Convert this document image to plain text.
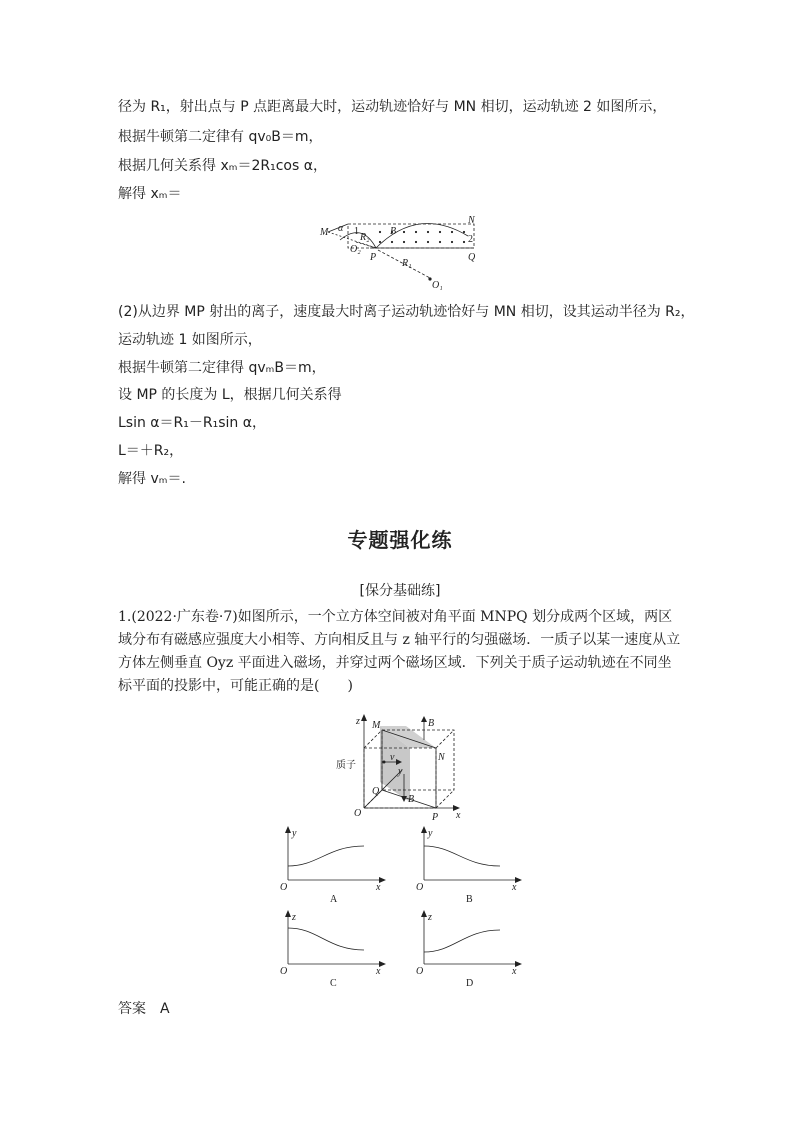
径为 R₁，射出点与 P 点距离最大时，运动轨迹恰好与 MN 相切，运动轨迹 2 如图所示，
根据牛顿第二定律有 qv₀B＝m，
根据几何关系得 xₘ＝2R₁cos α，
解得 xₘ＝
M
N
P	Q
O₁
O₂
R₁
R₂
B
α 1
2
(2)从边界 MP 射出的离子，速度最大时离子运动轨迹恰好与 MN 相切，设其运动半径为 R₂，
运动轨迹 1 如图所示，
根据牛顿第二定律得 qvₘB＝m，
设 MP 的长度为 L，根据几何关系得
Lsin α＝R₁－R₁sin α，
L＝＋R₂，
解得 vₘ＝.
专题强化练
[保分基础练]
1.(2022·广东卷·7)如图所示，一个立方体空间被对角平面 MNPQ 划分成两个区域，两区域分布有磁感应强度大小相等、方向相反且与 z 轴平行的匀强磁场．一质子以某一速度从立方体左侧垂直 Oyz 平面进入磁场，并穿过两个磁场区域．下列关于质子运动轨迹在不同坐标平面的投影中，可能正确的是(　　)
z M	B
N
质子
v
y
Q
B
O	P x
y
x
O
A
y
x
O
B
z
x
O
C
z
x
O
D
答案　A
